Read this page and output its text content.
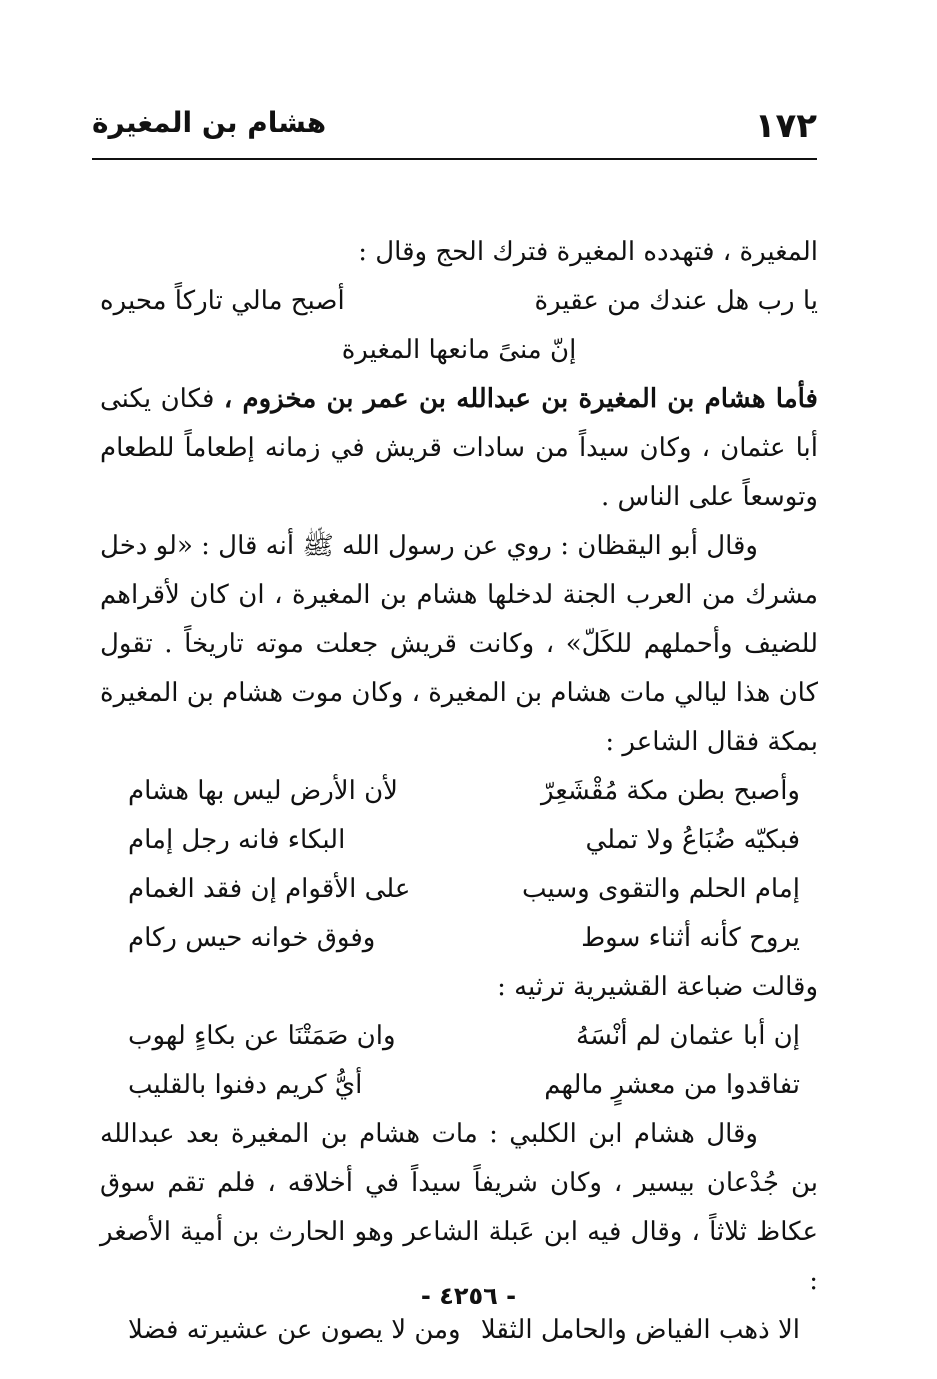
١٧٢
هشام بن المغيرة

المغيرة ، فتهدده المغيرة فترك الحج وقال :

يا رب هل عندك من عقيرة
أصبح مالي تاركاً محيره

إنّ منىً مانعها المغيرة

فأما هشام بن المغيرة بن عبدالله بن عمر بن مخزوم ، فكان يكنى أبا عثمان ، وكان سيداً من سادات قريش في زمانه إطعاماً للطعام وتوسعاً على الناس .

وقال أبو اليقظان : روي عن رسول الله ﷺ أنه قال : «لو دخل مشرك من العرب الجنة لدخلها هشام بن المغيرة ، ان كان لأقراهم للضيف وأحملهم للكَلّ» ، وكانت قريش جعلت موته تاريخاً . تقول كان هذا ليالي مات هشام بن المغيرة ، وكان موت هشام بن المغيرة بمكة فقال الشاعر :

وأصبح بطن مكة مُقْشَعِرّ
لأن الأرض ليس بها هشام
فبكيّه ضُبَاعُ ولا تملي
البكاء فانه رجل إمام
إمام الحلم والتقوى وسيب
على الأقوام إن فقد الغمام
يروح كأنه أثناء سوط
وفوق خوانه حيس ركام

وقالت ضباعة القشيرية ترثيه :

إن أبا عثمان لم أنْسَهُ
وان صَمَتْنَا عن بكاءٍ لهوب
تفاقدوا من معشرٍ مالهم
أيُّ كريم دفنوا بالقليب

وقال هشام ابن الكلبي : مات هشام بن المغيرة بعد عبدالله بن جُدْعان بيسير ، وكان شريفاً سيداً في أخلاقه ، فلم تقم سوق عكاظ ثلاثاً ، وقال فيه ابن عَبلة الشاعر وهو الحارث بن أمية الأصغر :

الا ذهب الفياض والحامل الثقلا
ومن لا يصون عن عشيرته فضلا
- ٤٢٥٦ -
